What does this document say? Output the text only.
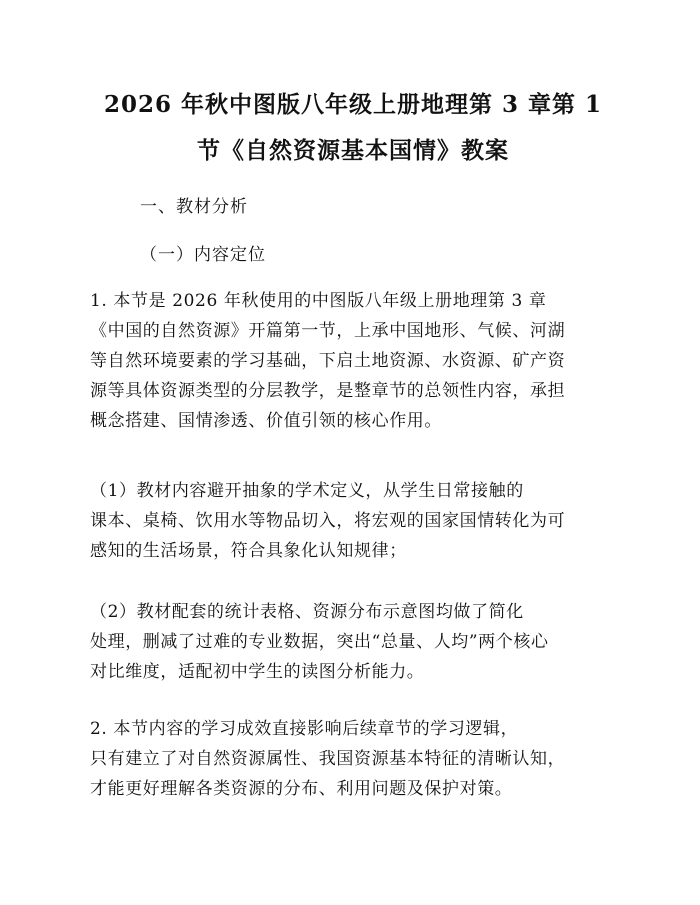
2026 年秋中图版八年级上册地理第 3 章第 1
节《自然资源基本国情》教案
一、教材分析
（一）内容定位
1. 本节是 2026 年秋使用的中图版八年级上册地理第 3 章
《中国的自然资源》开篇第一节，上承中国地形、气候、河湖
等自然环境要素的学习基础，下启土地资源、水资源、矿产资
源等具体资源类型的分层教学，是整章节的总领性内容，承担
概念搭建、国情渗透、价值引领的核心作用。
（1）教材内容避开抽象的学术定义，从学生日常接触的
课本、桌椅、饮用水等物品切入，将宏观的国家国情转化为可
感知的生活场景，符合具象化认知规律；
（2）教材配套的统计表格、资源分布示意图均做了简化
处理，删减了过难的专业数据，突出“总量、人均”两个核心
对比维度，适配初中学生的读图分析能力。
2. 本节内容的学习成效直接影响后续章节的学习逻辑，
只有建立了对自然资源属性、我国资源基本特征的清晰认知，
才能更好理解各类资源的分布、利用问题及保护对策。
